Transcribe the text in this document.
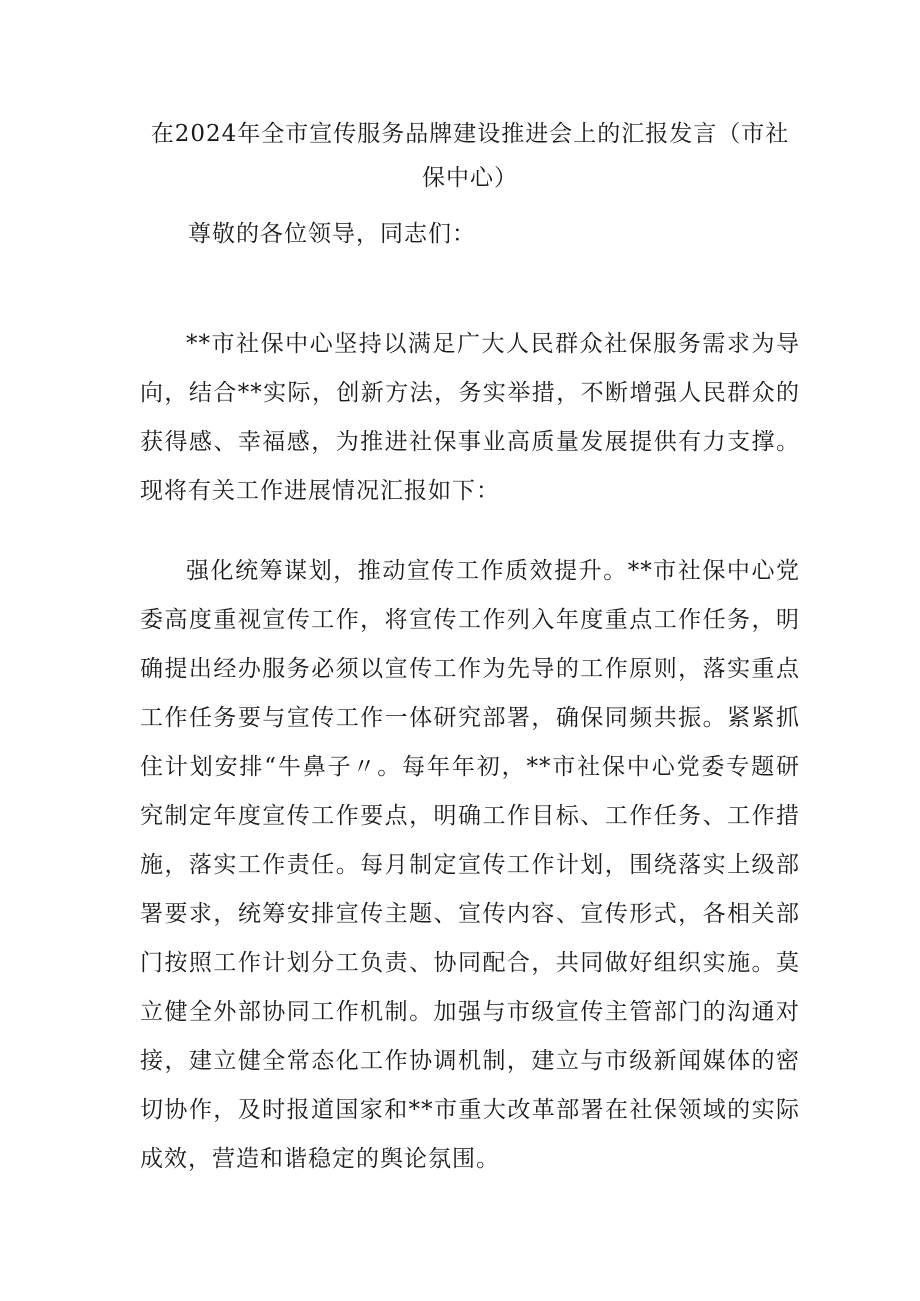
在2024年全市宣传服务品牌建设推进会上的汇报发言（市社保中心）

尊敬的各位领导，同志们：

**市社保中心坚持以满足广大人民群众社保服务需求为导向，结合**实际，创新方法，务实举措，不断增强人民群众的获得感、幸福感，为推进社保事业高质量发展提供有力支撑。现将有关工作进展情况汇报如下：

强化统筹谋划，推动宣传工作质效提升。**市社保中心党委高度重视宣传工作，将宣传工作列入年度重点工作任务，明确提出经办服务必须以宣传工作为先导的工作原则，落实重点工作任务要与宣传工作一体研究部署，确保同频共振。紧紧抓住计划安排“牛鼻子〃。每年年初，**市社保中心党委专题研究制定年度宣传工作要点，明确工作目标、工作任务、工作措施，落实工作责任。每月制定宣传工作计划，围绕落实上级部署要求，统筹安排宣传主题、宣传内容、宣传形式，各相关部门按照工作计划分工负责、协同配合，共同做好组织实施。莫立健全外部协同工作机制。加强与市级宣传主管部门的沟通对接，建立健全常态化工作协调机制，建立与市级新闻媒体的密切协作，及时报道国家和**市重大改革部署在社保领域的实际成效，营造和谐稳定的舆论氛围。
